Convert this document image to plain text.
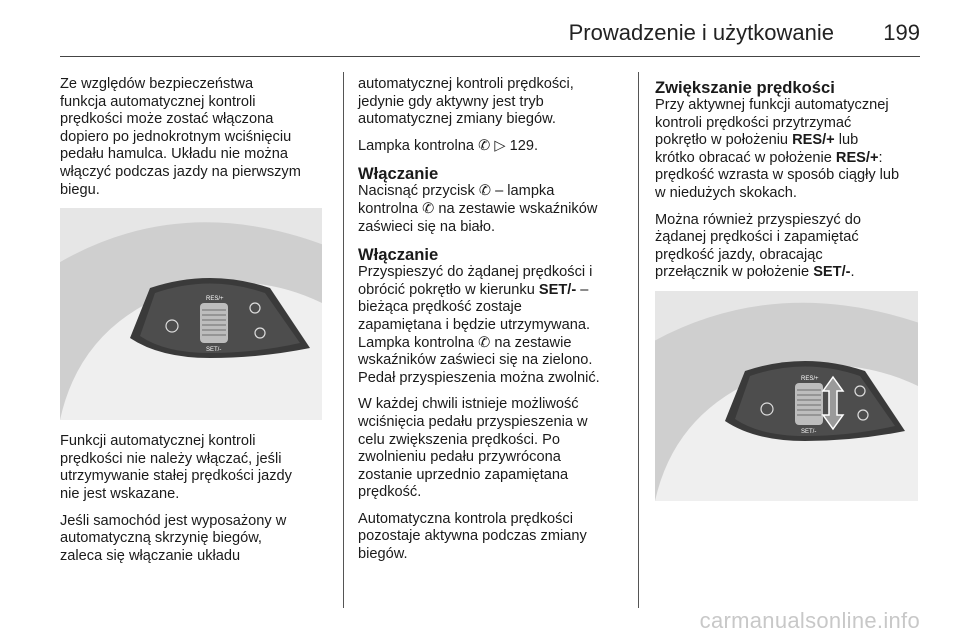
Prowadzenie i użytkowanie 199

Ze względów bezpieczeństwa
funkcja automatycznej kontroli
prędkości może zostać włączona
dopiero po jednokrotnym wciśnięciu
pedału hamulca. Układu nie można
włączyć podczas jazdy na pierwszym
biegu.

RES/+
SET/-

Funkcji automatycznej kontroli
prędkości nie należy włączać, jeśli
utrzymywanie stałej prędkości jazdy
nie jest wskazane.

Jeśli samochód jest wyposażony w
automatyczną skrzynię biegów,
zaleca się włączanie układu

automatycznej kontroli prędkości,
jedynie gdy aktywny jest tryb
automatycznej zmiany biegów.

Lampka kontrolna ✆ ▷ 129.

Włączanie

Nacisnąć przycisk ✆ – lampka
kontrolna ✆ na zestawie wskaźników
zaświeci się na biało.

Włączanie

Przyspieszyć do żądanej prędkości i
obrócić pokrętło w kierunku SET/- –
bieżąca prędkość zostaje
zapamiętana i będzie utrzymywana.
Lampka kontrolna ✆ na zestawie
wskaźników zaświeci się na zielono.
Pedał przyspieszenia można zwolnić.

W każdej chwili istnieje możliwość
wciśnięcia pedału przyspieszenia w
celu zwiększenia prędkości. Po
zwolnieniu pedału przywrócona
zostanie uprzednio zapamiętana
prędkość.

Automatyczna kontrola prędkości
pozostaje aktywna podczas zmiany
biegów.

Zwiększanie prędkości

Przy aktywnej funkcji automatycznej
kontroli prędkości przytrzymać
pokrętło w położeniu RES/+ lub
krótko obracać w położenie RES/+:
prędkość wzrasta w sposób ciągły lub
w niedużych skokach.

Można również przyspieszyć do
żądanej prędkości i zapamiętać
prędkość jazdy, obracając
przełącznik w położenie SET/-.

RES/+
SET/-
carmanualsonline.info
